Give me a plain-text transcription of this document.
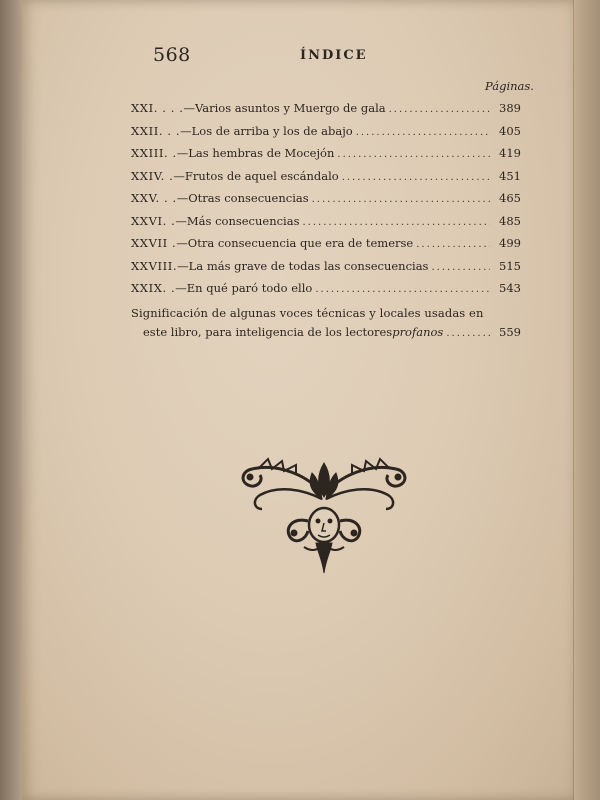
568	ÍNDICE
Páginas.
XXI. . . . —Varios asuntos y Muergo de gala .....	389
XXII. . . —Los de arriba y los de abajo .....	405
XXIII. . —Las hembras de Mocejón .....	419
XXIV. . —Frutos de aquel escándalo .....	451
XXV. . . —Otras consecuencias .....	465
XXVI. . —Más consecuencias .....	485
XXVII . —Otra consecuencia que era de temerse .....	499
XXVIII. —La más grave de todas las consecuencias .....	515
XXIX. . —En qué paró todo ello .....	543
Significación de algunas voces técnicas y locales usadas en
este libro, para inteligencia de los lectores profanos .....	559
